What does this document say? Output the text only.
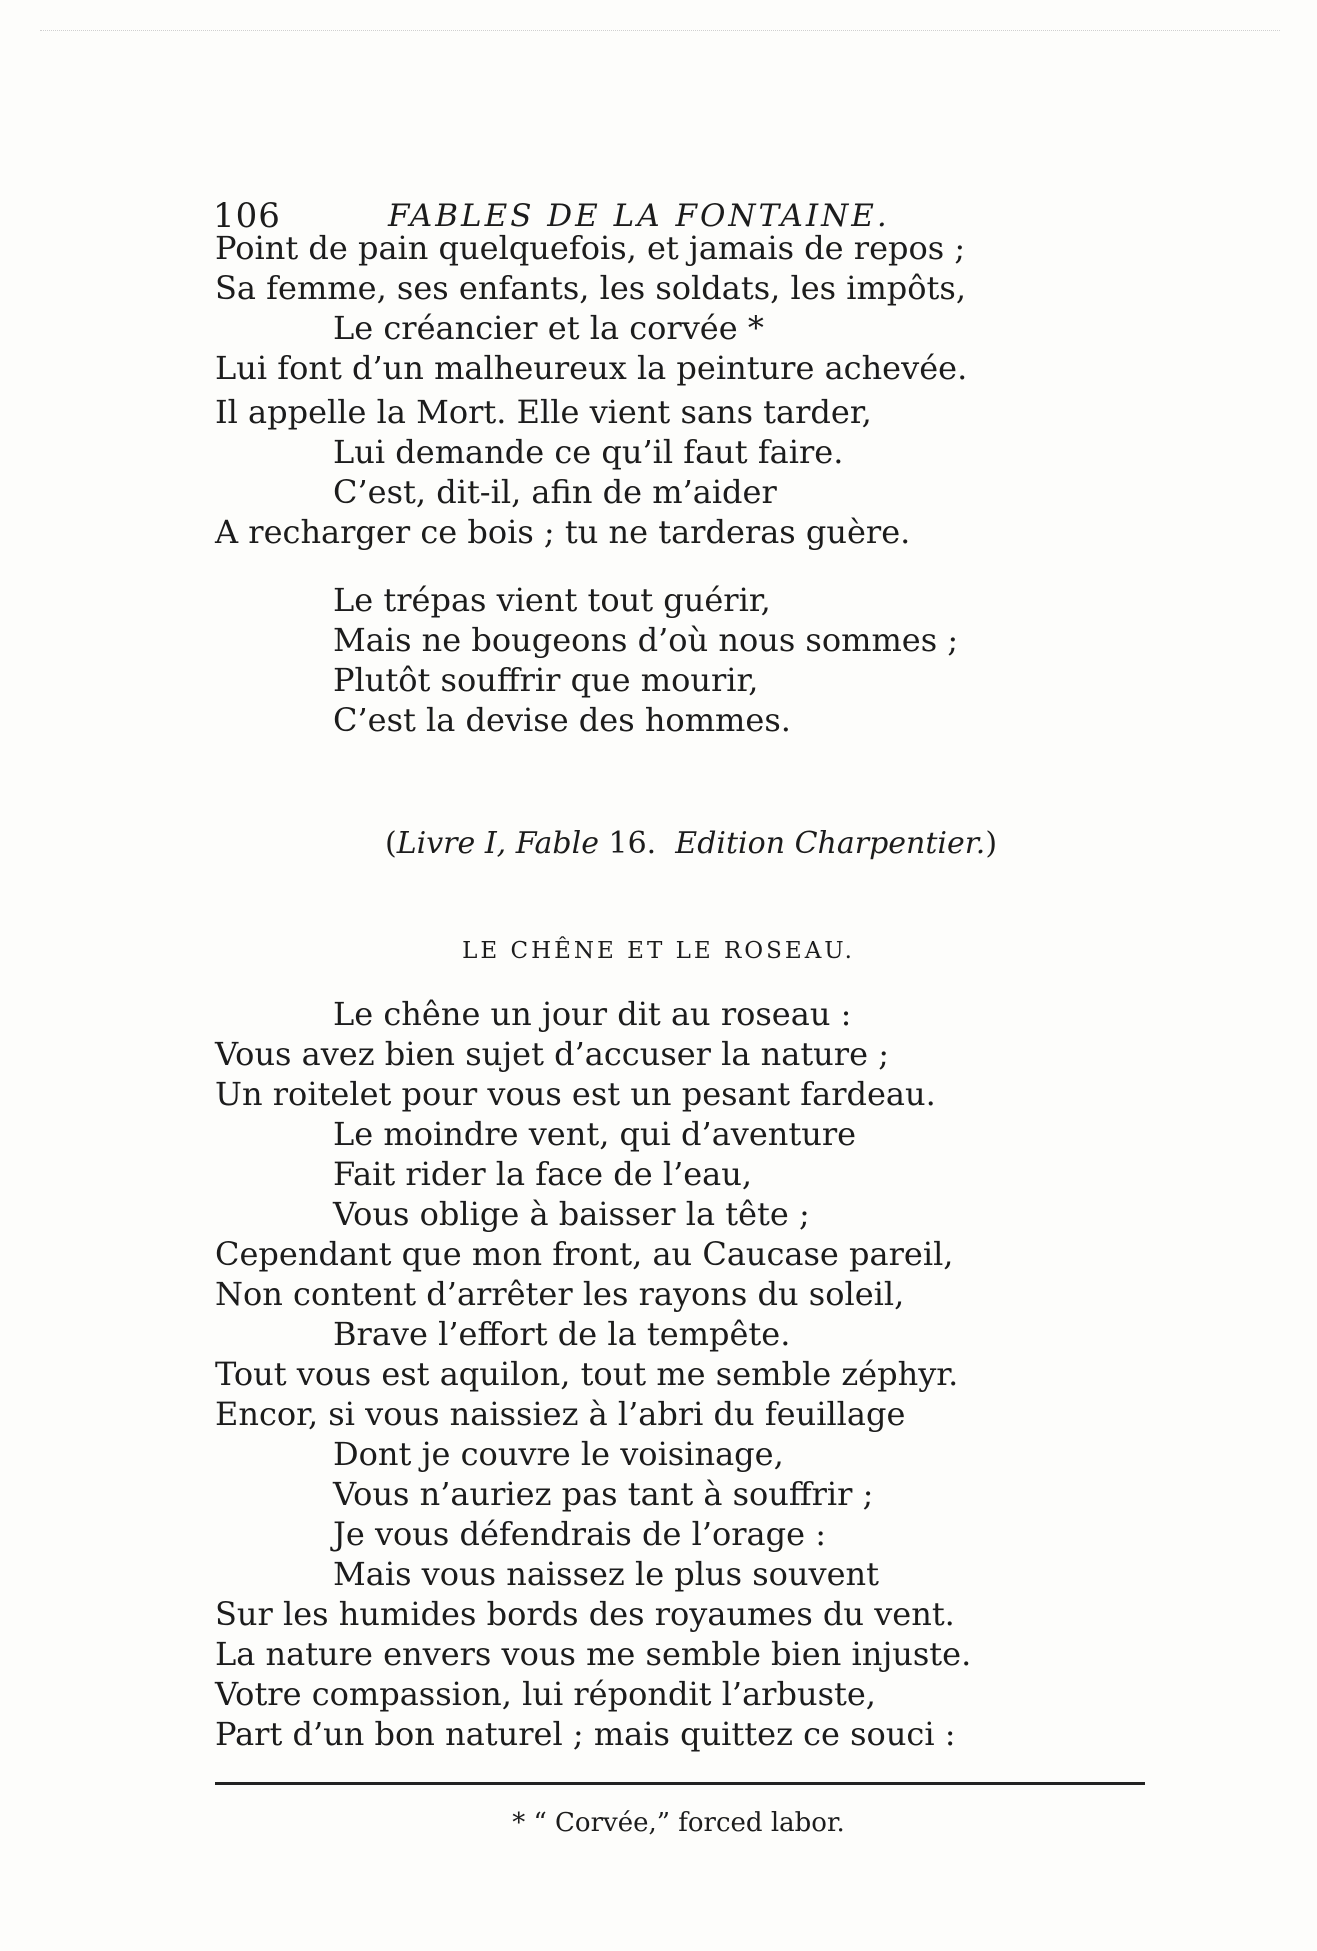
106	FABLES DE LA FONTAINE.
Point de pain quelquefois, et jamais de repos ;
Sa femme, ses enfants, les soldats, les impôts,
Le créancier et la corvée *
Lui font d’un malheureux la peinture achevée.
Il appelle la Mort. Elle vient sans tarder,
Lui demande ce qu’il faut faire.
C’est, dit-il, afin de m’aider
A recharger ce bois ; tu ne tarderas guère.
Le trépas vient tout guérir,
Mais ne bougeons d’où nous sommes ;
Plutôt souffrir que mourir,
C’est la devise des hommes.
(Livre I, Fable 16.  Edition Charpentier.)
LE CHÊNE ET LE ROSEAU.
Le chêne un jour dit au roseau :
Vous avez bien sujet d’accuser la nature ;
Un roitelet pour vous est un pesant fardeau.
Le moindre vent, qui d’aventure
Fait rider la face de l’eau,
Vous oblige à baisser la tête ;
Cependant que mon front, au Caucase pareil,
Non content d’arrêter les rayons du soleil,
Brave l’effort de la tempête.
Tout vous est aquilon, tout me semble zéphyr.
Encor, si vous naissiez à l’abri du feuillage
Dont je couvre le voisinage,
Vous n’auriez pas tant à souffrir ;
Je vous défendrais de l’orage :
Mais vous naissez le plus souvent
Sur les humides bords des royaumes du vent.
La nature envers vous me semble bien injuste.
Votre compassion, lui répondit l’arbuste,
Part d’un bon naturel ; mais quittez ce souci :
* “ Corvée,” forced labor.
